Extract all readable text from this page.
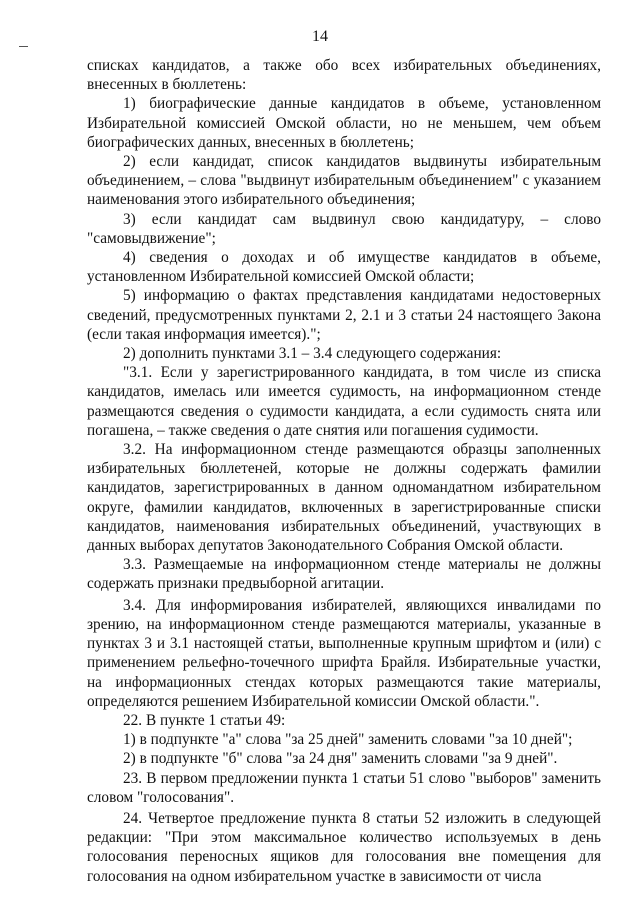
14

списках кандидатов, а также обо всех избирательных объединениях, внесенных в бюллетень:

1) биографические данные кандидатов в объеме, установленном Избирательной комиссией Омской области, но не меньшем, чем объем биографических данных, внесенных в бюллетень;

2) если кандидат, список кандидатов выдвинуты избирательным объединением, – слова "выдвинут избирательным объединением" с указанием наименования этого избирательного объединения;

3) если кандидат сам выдвинул свою кандидатуру, – слово "самовыдвижение";

4) сведения о доходах и об имуществе кандидатов в объеме, установленном Избирательной комиссией Омской области;

5) информацию о фактах представления кандидатами недостоверных сведений, предусмотренных пунктами 2, 2.1 и 3 статьи 24 настоящего Закона (если такая информация имеется).";

2) дополнить пунктами 3.1 – 3.4 следующего содержания:

"3.1. Если у зарегистрированного кандидата, в том числе из списка кандидатов, имелась или имеется судимость, на информационном стенде размещаются сведения о судимости кандидата, а если судимость снята или погашена, – также сведения о дате снятия или погашения судимости.

3.2. На информационном стенде размещаются образцы заполненных избирательных бюллетеней, которые не должны содержать фамилии кандидатов, зарегистрированных в данном одномандатном избирательном округе, фамилии кандидатов, включенных в зарегистрированные списки кандидатов, наименования избирательных объединений, участвующих в данных выборах депутатов Законодательного Собрания Омской области.

3.3. Размещаемые на информационном стенде материалы не должны содержать признаки предвыборной агитации.

3.4. Для информирования избирателей, являющихся инвалидами по зрению, на информационном стенде размещаются материалы, указанные в пунктах 3 и 3.1 настоящей статьи, выполненные крупным шрифтом и (или) с применением рельефно-точечного шрифта Брайля. Избирательные участки, на информационных стендах которых размещаются такие материалы, определяются решением Избирательной комиссии Омской области.".

22. В пункте 1 статьи 49:

1) в подпункте "а" слова "за 25 дней" заменить словами "за 10 дней";

2) в подпункте "б" слова "за 24 дня" заменить словами "за 9 дней".

23. В первом предложении пункта 1 статьи 51 слово "выборов" заменить словом "голосования".

24. Четвертое предложение пункта 8 статьи 52 изложить в следующей редакции: "При этом максимальное количество используемых в день голосования переносных ящиков для голосования вне помещения для голосования на одном избирательном участке в зависимости от числа
